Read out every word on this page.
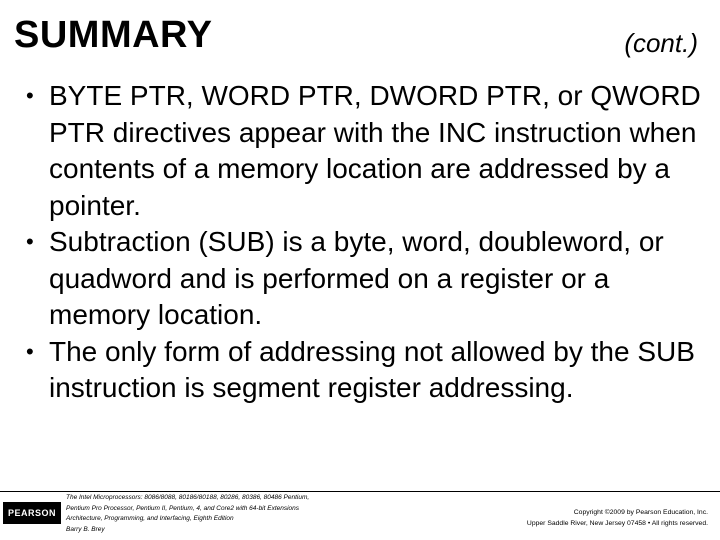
SUMMARY	(cont.)
• BYTE PTR, WORD PTR, DWORD PTR, or QWORD PTR directives appear with the INC instruction when contents of a memory location are addressed by a pointer.
• Subtraction (SUB) is a byte, word, doubleword, or quadword and is performed on a register or a memory location.
• The only form of addressing not allowed by the SUB instruction is segment register addressing.
PEARSON
The Intel Microprocessors: 8086/8088, 80186/80188, 80286, 80386, 80486 Pentium,
Pentium Pro Processor, Pentium II, Pentium, 4, and Core2 with 64-bit Extensions
Architecture, Programming, and Interfacing, Eighth Edition
Barry B. Brey
Copyright ©2009 by Pearson Education, Inc.
Upper Saddle River, New Jersey 07458 • All rights reserved.
